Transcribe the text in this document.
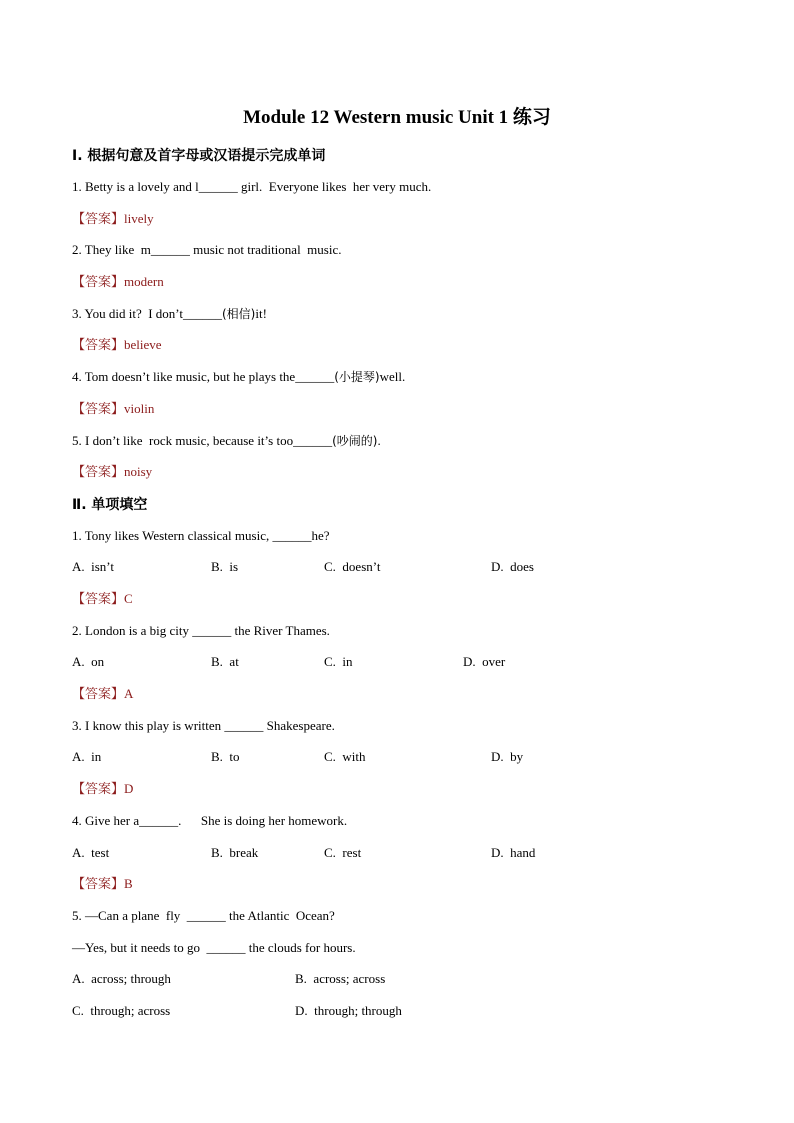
Module 12 Western music Unit 1 练习
Ⅰ. 根据句意及首字母或汉语提示完成单词
1. Betty is a lovely and l______ girl.  Everyone likes  her very much.
【答案】lively
2. They like  m______ music not traditional  music.
【答案】modern
3. You did it?  I don’t______(相信)it!
【答案】believe
4. Tom doesn’t like music, but he plays the______(小提琴)well.
【答案】violin
5. I don’t like  rock music, because it’s too______(吵闹的).
【答案】noisy
Ⅱ. 单项填空
1. Tony likes Western classical music, ______he?
A.  isn’t	B.  is	C.  doesn’t	D.  does
【答案】C
2. London is a big city ______ the River Thames.
A.  on	B.  at	C.  in	D.  over
【答案】A
3. I know this play is written ______ Shakespeare.
A.  in	B.  to	C.  with	D.  by
【答案】D
4. Give her a______.      She is doing her homework.
A.  test	B.  break	C.  rest	D.  hand
【答案】B
5. —Can a plane  fly  ______ the Atlantic  Ocean?
—Yes, but it needs to go  ______ the clouds for hours.
A.  across; through	B.  across; across
C.  through; across	D.  through; through
